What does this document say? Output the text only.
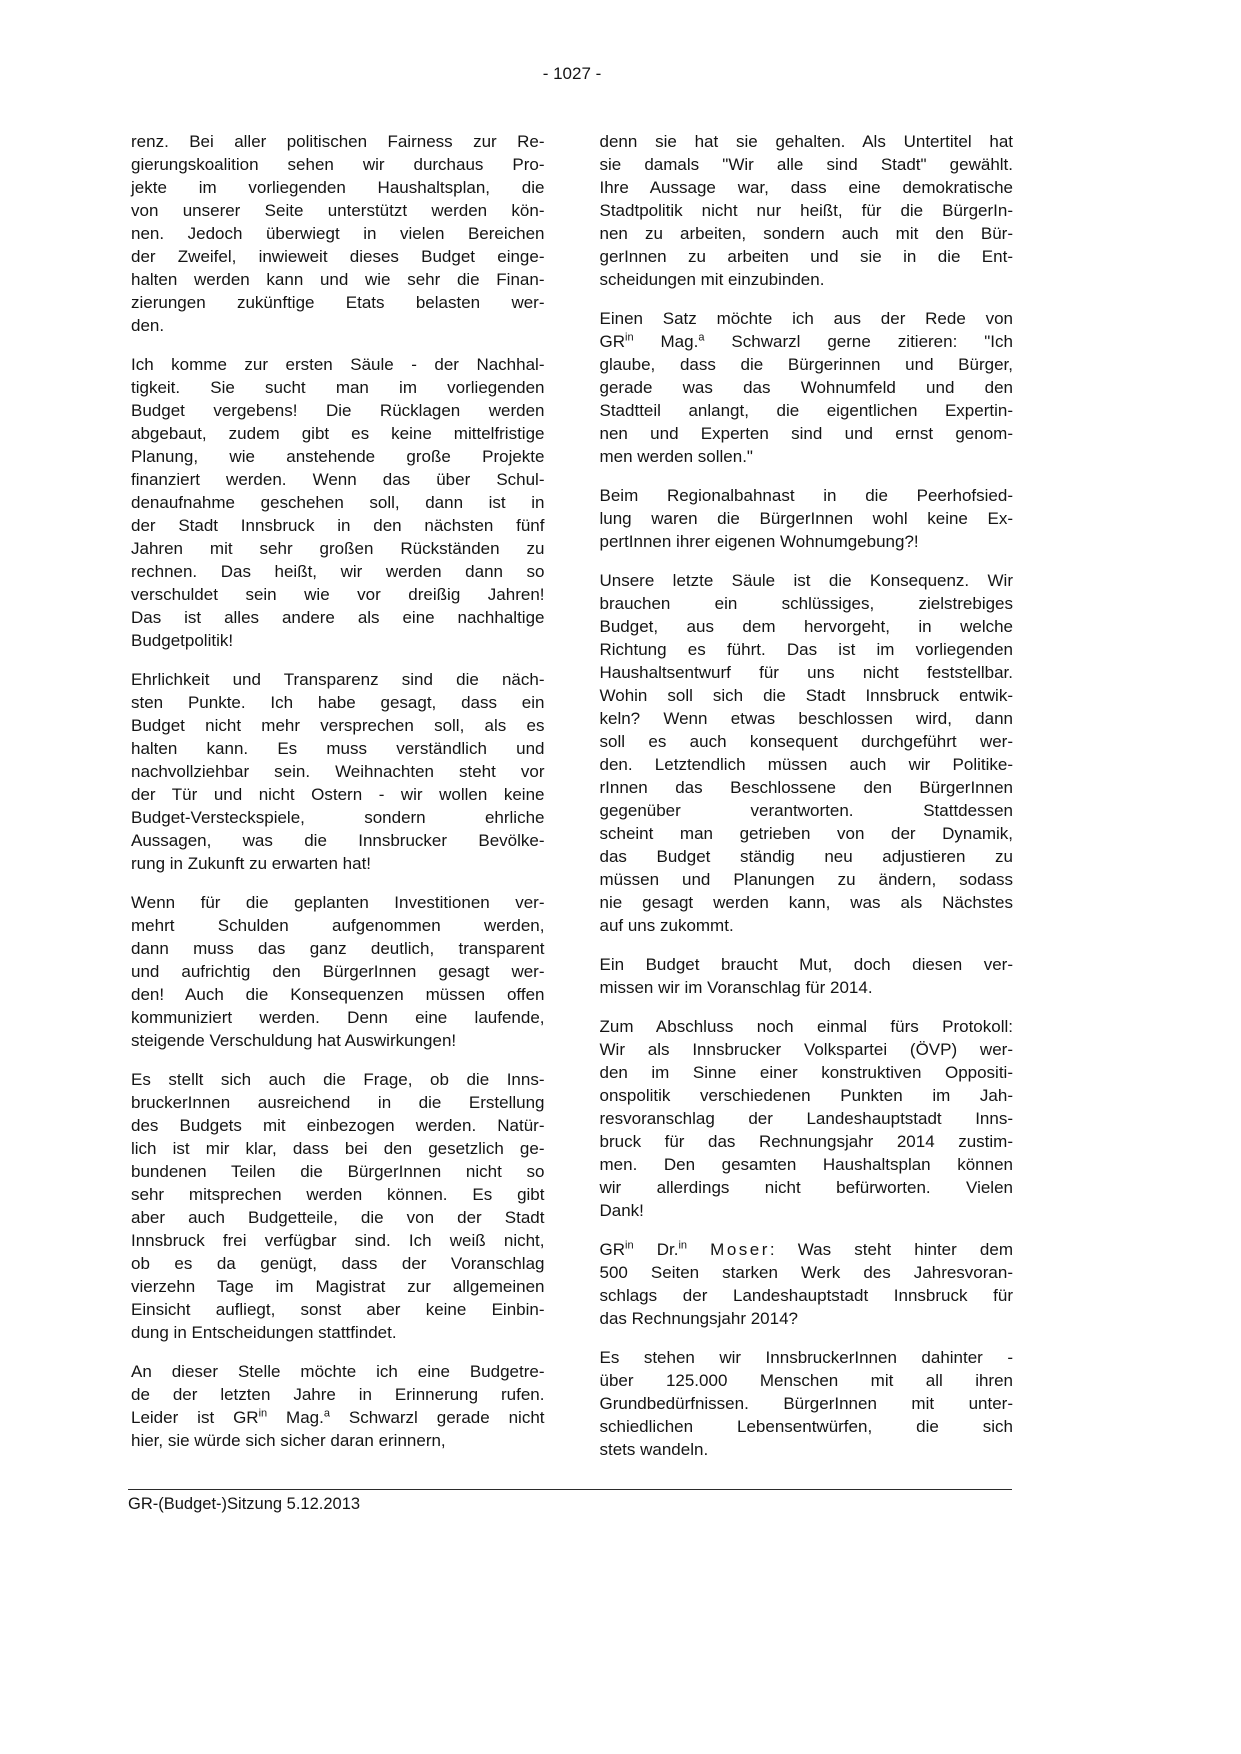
- 1027 -
renz. Bei aller politischen Fairness zur Re-
gierungskoalition sehen wir durchaus Pro-
jekte im vorliegenden Haushaltsplan, die
von unserer Seite unterstützt werden kön-
nen. Jedoch überwiegt in vielen Bereichen
der Zweifel, inwieweit dieses Budget einge-
halten werden kann und wie sehr die Finan-
zierungen zukünftige Etats belasten wer-
den.
Ich komme zur ersten Säule - der Nachhal-
tigkeit. Sie sucht man im vorliegenden
Budget vergebens! Die Rücklagen werden
abgebaut, zudem gibt es keine mittelfristige
Planung, wie anstehende große Projekte
finanziert werden. Wenn das über Schul-
denaufnahme geschehen soll, dann ist in
der Stadt Innsbruck in den nächsten fünf
Jahren mit sehr großen Rückständen zu
rechnen. Das heißt, wir werden dann so
verschuldet sein wie vor dreißig Jahren!
Das ist alles andere als eine nachhaltige
Budgetpolitik!
Ehrlichkeit und Transparenz sind die näch-
sten Punkte. Ich habe gesagt, dass ein
Budget nicht mehr versprechen soll, als es
halten kann. Es muss verständlich und
nachvollziehbar sein. Weihnachten steht vor
der Tür und nicht Ostern - wir wollen keine
Budget-Versteckspiele, sondern ehrliche
Aussagen, was die Innsbrucker Bevölke-
rung in Zukunft zu erwarten hat!
Wenn für die geplanten Investitionen ver-
mehrt Schulden aufgenommen werden,
dann muss das ganz deutlich, transparent
und aufrichtig den BürgerInnen gesagt wer-
den! Auch die Konsequenzen müssen offen
kommuniziert werden. Denn eine laufende,
steigende Verschuldung hat Auswirkungen!
Es stellt sich auch die Frage, ob die Inns-
bruckerInnen ausreichend in die Erstellung
des Budgets mit einbezogen werden. Natür-
lich ist mir klar, dass bei den gesetzlich ge-
bundenen Teilen die BürgerInnen nicht so
sehr mitsprechen werden können. Es gibt
aber auch Budgetteile, die von der Stadt
Innsbruck frei verfügbar sind. Ich weiß nicht,
ob es da genügt, dass der Voranschlag
vierzehn Tage im Magistrat zur allgemeinen
Einsicht aufliegt, sonst aber keine Einbin-
dung in Entscheidungen stattfindet.
An dieser Stelle möchte ich eine Budgetre-
de der letzten Jahre in Erinnerung rufen.
Leider ist $GR^{in}$ Mag.$^a$ Schwarzl gerade nicht
hier, sie würde sich sicher daran erinnern,
denn sie hat sie gehalten. Als Untertitel hat
sie damals "Wir alle sind Stadt" gewählt.
Ihre Aussage war, dass eine demokratische
Stadtpolitik nicht nur heißt, für die BürgerIn-
nen zu arbeiten, sondern auch mit den Bür-
gerInnen zu arbeiten und sie in die Ent-
scheidungen mit einzubinden.
Einen Satz möchte ich aus der Rede von
$GR^{in}$ Mag.$^a$ Schwarzl gerne zitieren: "Ich
glaube, dass die Bürgerinnen und Bürger,
gerade was das Wohnumfeld und den
Stadtteil anlangt, die eigentlichen Expertin-
nen und Experten sind und ernst genom-
men werden sollen."
Beim Regionalbahnast in die Peerhofsied-
lung waren die BürgerInnen wohl keine Ex-
pertInnen ihrer eigenen Wohnumgebung?!
Unsere letzte Säule ist die Konsequenz. Wir
brauchen ein schlüssiges, zielstrebiges
Budget, aus dem hervorgeht, in welche
Richtung es führt. Das ist im vorliegenden
Haushaltsentwurf für uns nicht feststellbar.
Wohin soll sich die Stadt Innsbruck entwik-
keln? Wenn etwas beschlossen wird, dann
soll es auch konsequent durchgeführt wer-
den. Letztendlich müssen auch wir Politike-
rInnen das Beschlossene den BürgerInnen
gegenüber verantworten. Stattdessen
scheint man getrieben von der Dynamik,
das Budget ständig neu adjustieren zu
müssen und Planungen zu ändern, sodass
nie gesagt werden kann, was als Nächstes
auf uns zukommt.
Ein Budget braucht Mut, doch diesen ver-
missen wir im Voranschlag für 2014.
Zum Abschluss noch einmal fürs Protokoll:
Wir als Innsbrucker Volkspartei (ÖVP) wer-
den im Sinne einer konstruktiven Oppositi-
onspolitik verschiedenen Punkten im Jah-
resvoranschlag der Landeshauptstadt Inns-
bruck für das Rechnungsjahr 2014 zustim-
men. Den gesamten Haushaltsplan können
wir allerdings nicht befürworten. Vielen
Dank!
$GR^{in}$ Dr.$^{in}$ Moser: Was steht hinter dem
500 Seiten starken Werk des Jahresvoran-
schlags der Landeshauptstadt Innsbruck für
das Rechnungsjahr 2014?
Es stehen wir InnsbruckerInnen dahinter -
über 125.000 Menschen mit all ihren
Grundbedürfnissen. BürgerInnen mit unter-
schiedlichen Lebensentwürfen, die sich
stets wandeln.
GR-(Budget-)Sitzung 5.12.2013
